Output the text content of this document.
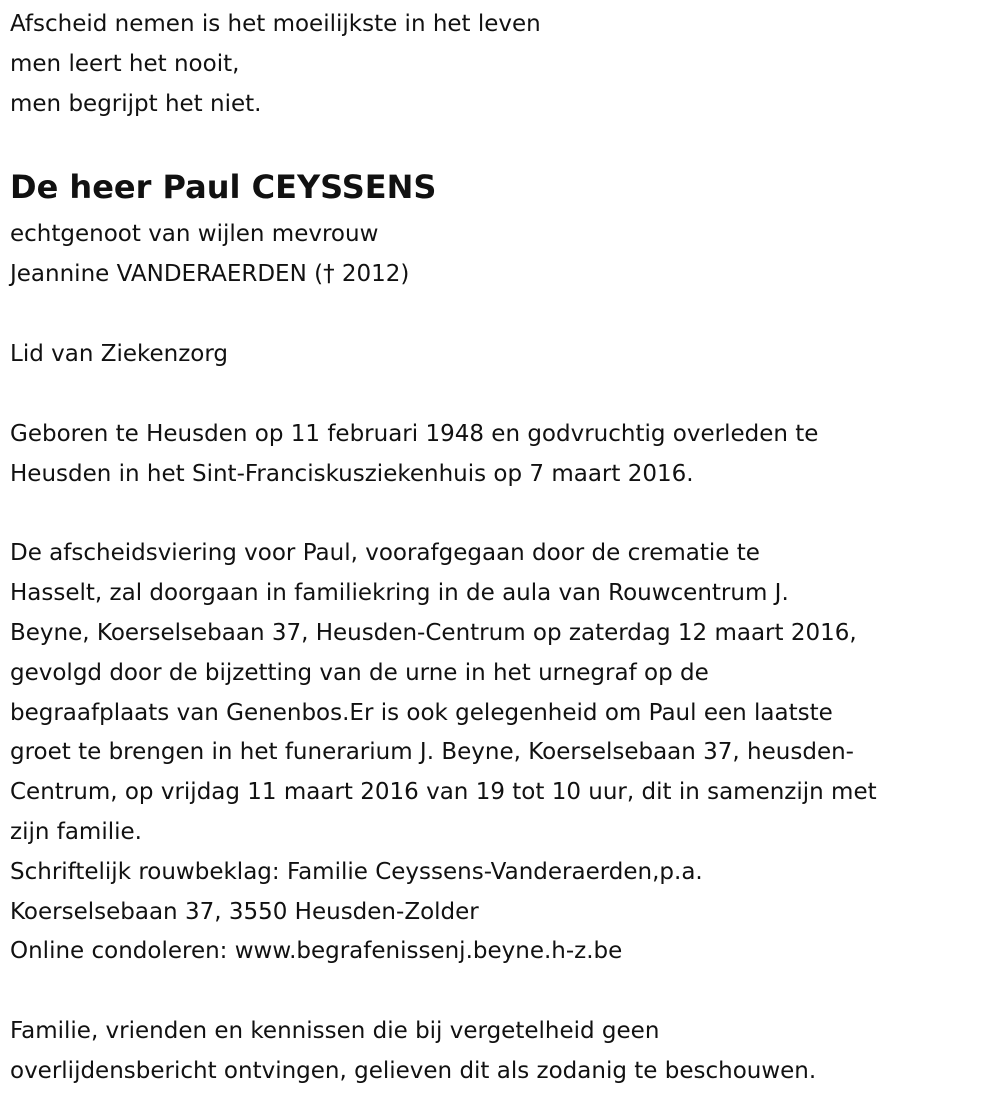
Afscheid nemen is het moeilijkste in het leven
men leert het nooit,
men begrijpt het niet.
De heer Paul CEYSSENS
echtgenoot van wijlen mevrouw
Jeannine VANDERAERDEN († 2012)
Lid van Ziekenzorg
Geboren te Heusden op 11 februari 1948 en godvruchtig overleden te
Heusden in het Sint-Franciskusziekenhuis op 7 maart 2016.
De afscheidsviering voor Paul, voorafgegaan door de crematie te
Hasselt, zal doorgaan in familiekring in de aula van Rouwcentrum J.
Beyne, Koerselsebaan 37, Heusden-Centrum op zaterdag 12 maart 2016,
gevolgd door de bijzetting van de urne in het urnegraf op de
begraafplaats van Genenbos.Er is ook gelegenheid om Paul een laatste
groet te brengen in het funerarium J. Beyne, Koerselsebaan 37, heusden-
Centrum, op vrijdag 11 maart 2016 van 19 tot 10 uur, dit in samenzijn met
zijn familie.
Schriftelijk rouwbeklag: Familie Ceyssens-Vanderaerden,p.a.
Koerselsebaan 37, 3550 Heusden-Zolder
Online condoleren: www.begrafenissenj.beyne.h-z.be
Familie, vrienden en kennissen die bij vergetelheid geen
overlijdensbericht ontvingen, gelieven dit als zodanig te beschouwen.
